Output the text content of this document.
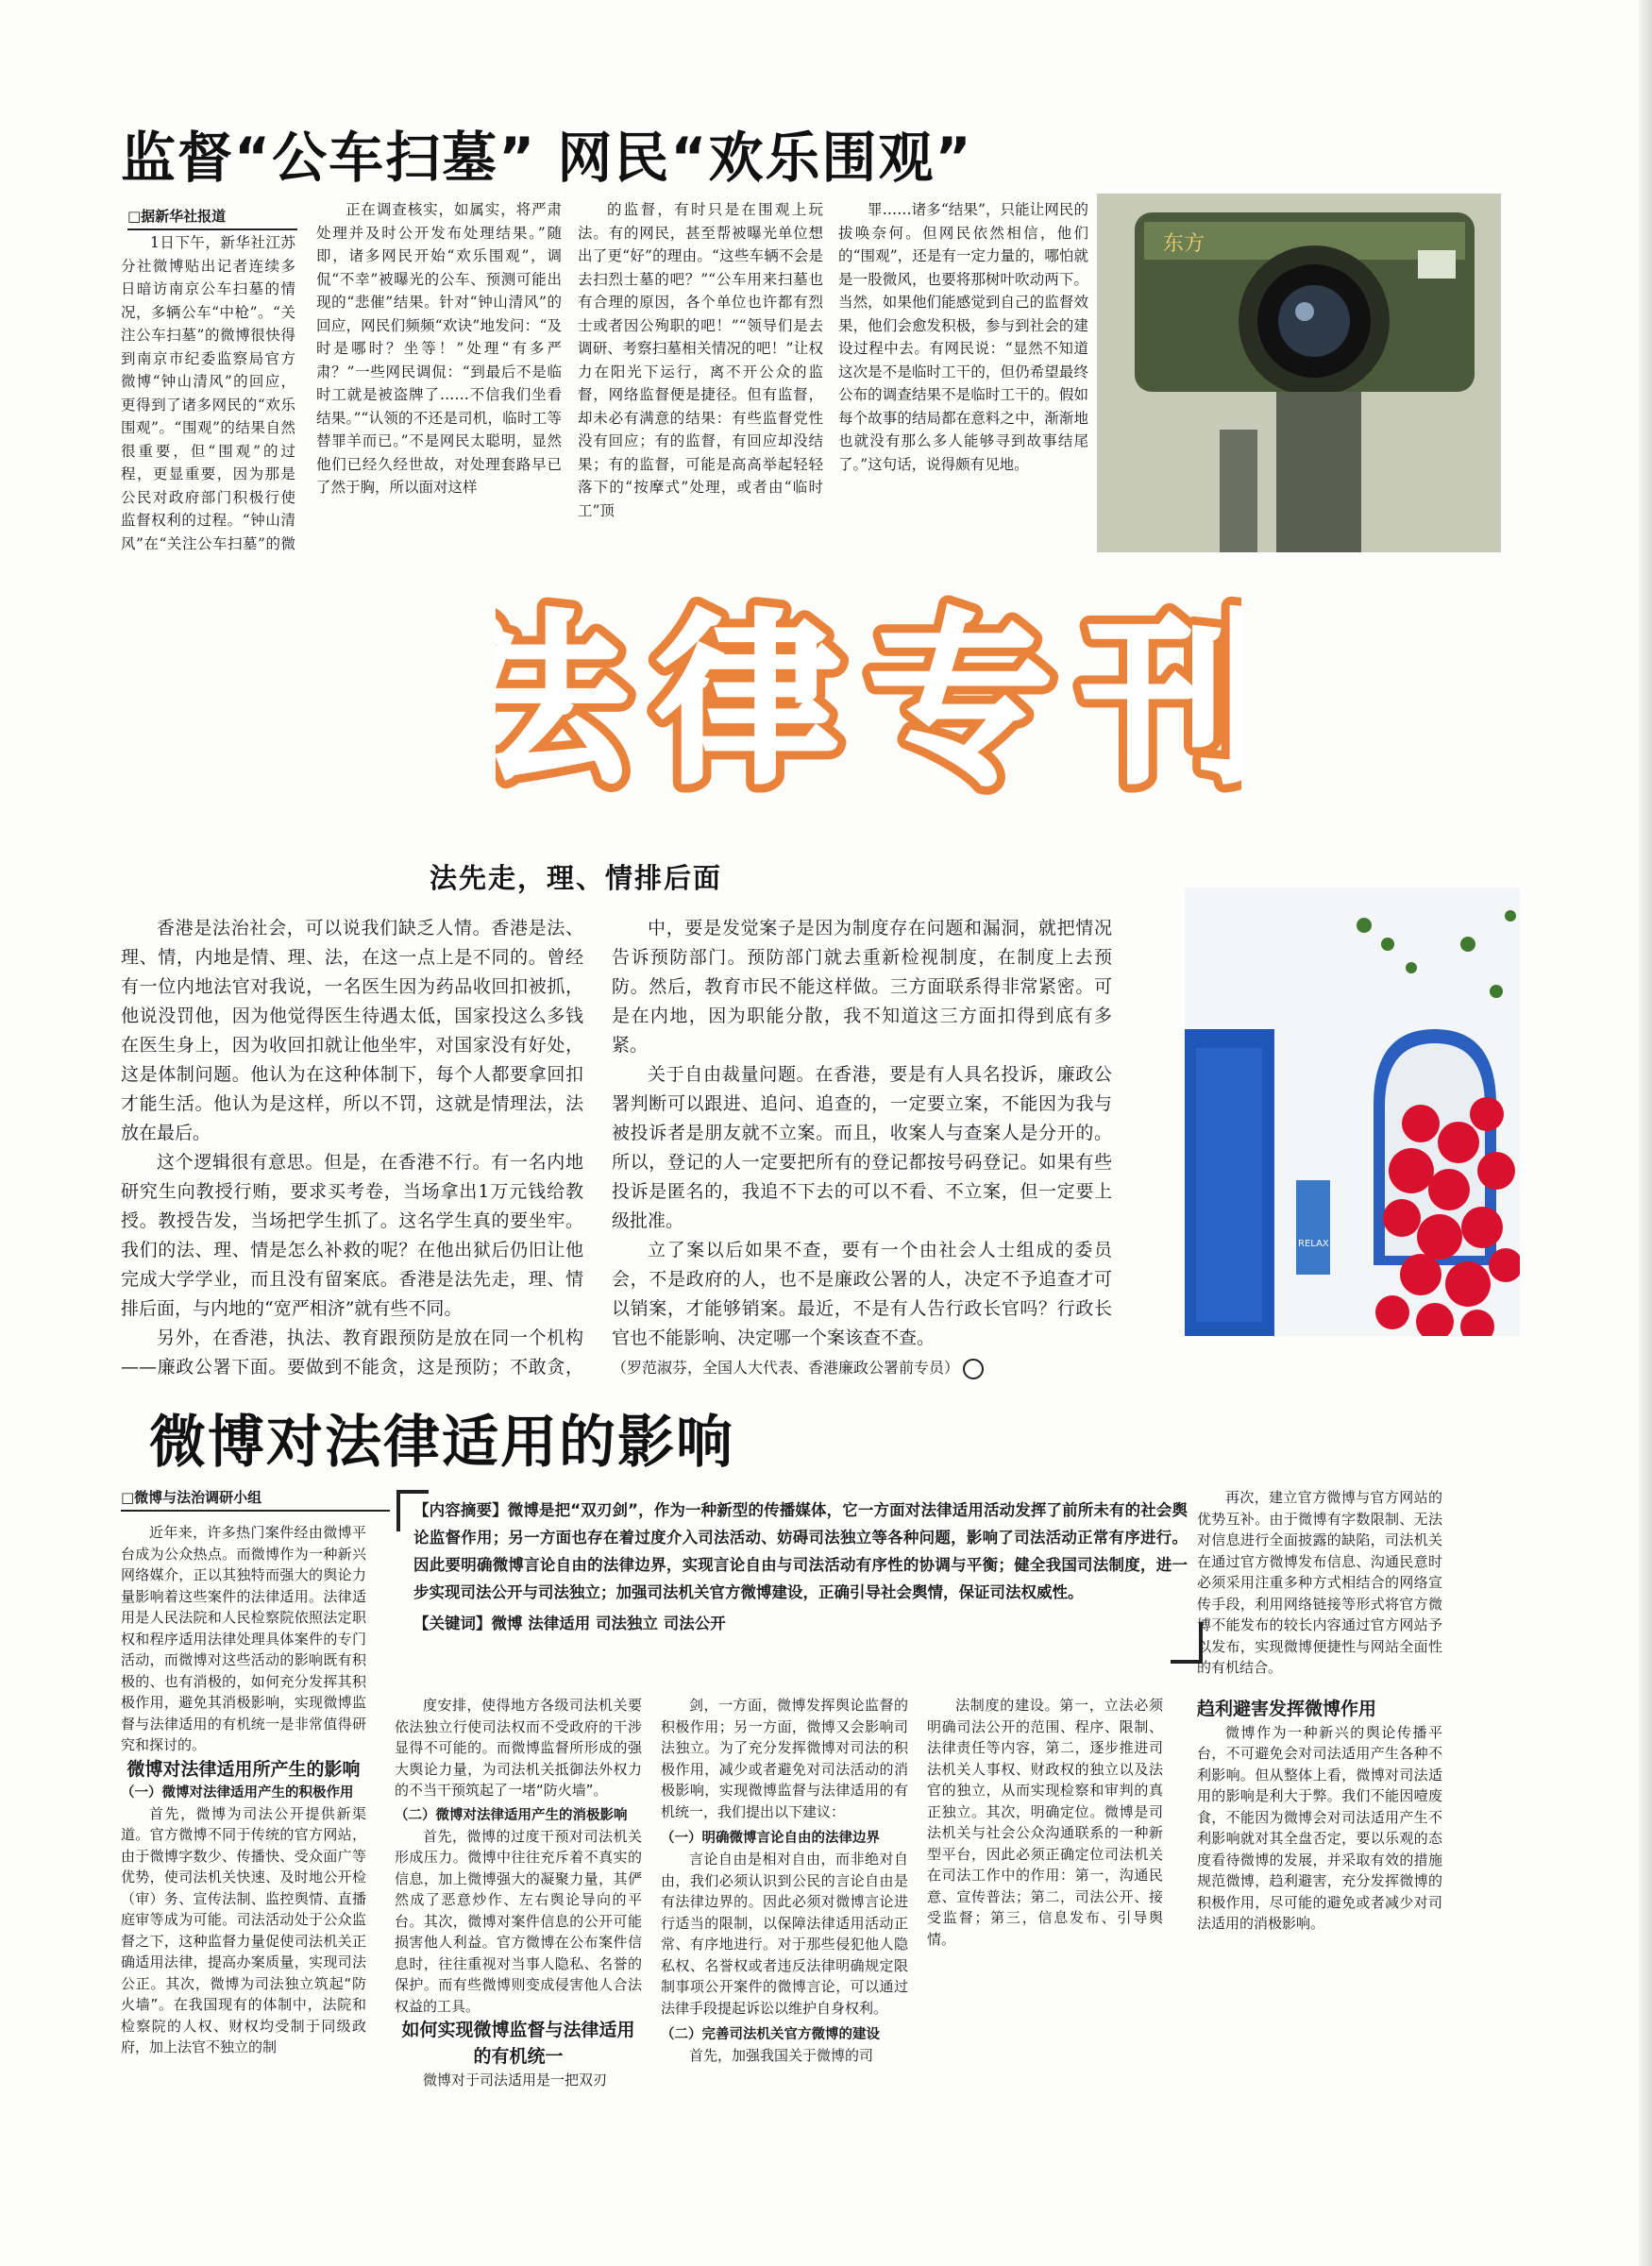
监督“公车扫墓” 网民“欢乐围观”
□据新华社报道

1日下午，新华社江苏分社微博贴出记者连续多日暗访南京公车扫墓的情况，多辆公车“中枪”。“关注公车扫墓”的微博很快得到南京市纪委监察局官方微博“钟山清风”的回应，更得到了诸多网民的“欢乐围观”。“围观”的结果自然很重要，但“围观”的过程，更显重要，因为那是公民对政府部门积极行使监督权利的过程。“钟山清风”在“关注公车扫墓”的微

正在调查核实，如属实，将严肃处理并及时公开发布处理结果。”随即，诸多网民开始“欢乐围观”，调侃“不幸”被曝光的公车、预测可能出现的“悲催”结果。针对“钟山清风”的回应，网民们频频“欢诀”地发问：“及时是哪时？坐等！”处理“有多严肃？”一些网民调侃：“到最后不是临时工就是被盗牌了……不信我们坐看结果。”“认领的不还是司机，临时工等替罪羊而已。”不是网民太聪明，显然他们已经久经世故，对处理套路早已了然于胸，所以面对这样

的监督，有时只是在围观上玩法。有的网民，甚至帮被曝光单位想出了更“好”的理由。“这些车辆不会是去扫烈士墓的吧？”“公车用来扫墓也有合理的原因，各个单位也许都有烈士或者因公殉职的吧！”“领导们是去调研、考察扫墓相关情况的吧！”让权力在阳光下运行，离不开公众的监督，网络监督便是捷径。但有监督，却未必有满意的结果：有些监督党性没有回应；有的监督，有回应却没结果；有的监督，可能是高高举起轻轻落下的“按摩式”处理，或者由“临时工”顶

罪……诸多“结果”，只能让网民的拔唤奈何。但网民依然相信，他们的“围观”，还是有一定力量的，哪怕就是一股微风，也要将那树叶吹动两下。当然，如果他们能感觉到自己的监督效果，他们会愈发积极，参与到社会的建设过程中去。有网民说：“显然不知道这次是不是临时工干的，但仍希望最终公布的调查结果不是临时工干的。假如每个故事的结局都在意料之中，渐渐地也就没有那么多人能够寻到故事结尾了。”这句话，说得颇有见地。

东方
法律专刊
法律专刊
法先走，理、情排后面

香港是法治社会，可以说我们缺乏人情。香港是法、理、情，内地是情、理、法，在这一点上是不同的。曾经有一位内地法官对我说，一名医生因为药品收回扣被抓，他说没罚他，因为他觉得医生待遇太低，国家投这么多钱在医生身上，因为收回扣就让他坐牢，对国家没有好处，这是体制问题。他认为在这种体制下，每个人都要拿回扣才能生活。他认为是这样，所以不罚，这就是情理法，法放在最后。

这个逻辑很有意思。但是，在香港不行。有一名内地研究生向教授行贿，要求买考卷，当场拿出1万元钱给教授。教授告发，当场把学生抓了。这名学生真的要坐牢。我们的法、理、情是怎么补救的呢？在他出狱后仍旧让他完成大学学业，而且没有留案底。香港是法先走，理、情排后面，与内地的“宽严相济”就有些不同。

另外，在香港，执法、教育跟预防是放在同一个机构——廉政公署下面。要做到不能贪，这是预防；不敢贪，

中，要是发觉案子是因为制度存在问题和漏洞，就把情况告诉预防部门。预防部门就去重新检视制度，在制度上去预防。然后，教育市民不能这样做。三方面联系得非常紧密。可是在内地，因为职能分散，我不知道这三方面扣得到底有多紧。

关于自由裁量问题。在香港，要是有人具名投诉，廉政公署判断可以跟进、追问、追查的，一定要立案，不能因为我与被投诉者是朋友就不立案。而且，收案人与查案人是分开的。所以，登记的人一定要把所有的登记都按号码登记。如果有些投诉是匿名的，我追不下去的可以不看、不立案，但一定要上级批准。

立了案以后如果不查，要有一个由社会人士组成的委员会，不是政府的人，也不是廉政公署的人，决定不予追查才可以销案，才能够销案。最近，不是有人告行政长官吗？行政长官也不能影响、决定哪一个案该查不查。

（罗范淑芬，全国人大代表、香港廉政公署前专员）

RELAX
微博对法律适用的影响
□微博与法治调研小组

【内容摘要】微博是把“双刃剑”，作为一种新型的传播媒体，它一方面对法律适用活动发挥了前所未有的社会舆论监督作用；另一方面也存在着过度介入司法活动、妨碍司法独立等各种问题，影响了司法活动正常有序进行。因此要明确微博言论自由的法律边界，实现言论自由与司法活动有序性的协调与平衡；健全我国司法制度，进一步实现司法公开与司法独立；加强司法机关官方微博建设，正确引导社会舆情，保证司法权威性。

【关键词】微博 法律适用 司法独立 司法公开

近年来，许多热门案件经由微博平台成为公众热点。而微博作为一种新兴网络媒介，正以其独特而强大的舆论力量影响着这些案件的法律适用。法律适用是人民法院和人民检察院依照法定职权和程序适用法律处理具体案件的专门活动，而微博对这些活动的影响既有积极的、也有消极的，如何充分发挥其积极作用，避免其消极影响，实现微博监督与法律适用的有机统一是非常值得研究和探讨的。

微博对法律适用所产生的影响

（一）微博对法律适用产生的积极作用

首先，微博为司法公开提供新渠道。官方微博不同于传统的官方网站，由于微博字数少、传播快、受众面广等优势，使司法机关快速、及时地公开检（审）务、宣传法制、监控舆情、直播庭审等成为可能。司法活动处于公众监督之下，这种监督力量促使司法机关正确适用法律，提高办案质量，实现司法公正。其次，微博为司法独立筑起“防火墙”。在我国现有的体制中，法院和检察院的人权、财权均受制于同级政府，加上法官不独立的制

度安排，使得地方各级司法机关要依法独立行使司法权而不受政府的干涉显得不可能的。而微博监督所形成的强大舆论力量，为司法机关抵御法外权力的不当干预筑起了一堵“防火墙”。

（二）微博对法律适用产生的消极影响

首先，微博的过度干预对司法机关形成压力。微博中往往充斥着不真实的信息，加上微博强大的凝聚力量，其俨然成了恶意炒作、左右舆论导向的平台。其次，微博对案件信息的公开可能损害他人利益。官方微博在公布案件信息时，往往重视对当事人隐私、名誉的保护。而有些微博则变成侵害他人合法权益的工具。

如何实现微博监督与法律适用的有机统一

微博对于司法适用是一把双刃

剑，一方面，微博发挥舆论监督的积极作用；另一方面，微博又会影响司法独立。为了充分发挥微博对司法的积极作用，减少或者避免对司法活动的消极影响，实现微博监督与法律适用的有机统一，我们提出以下建议：

（一）明确微博言论自由的法律边界

言论自由是相对自由，而非绝对自由，我们必须认识到公民的言论自由是有法律边界的。因此必须对微博言论进行适当的限制，以保障法律适用活动正常、有序地进行。对于那些侵犯他人隐私权、名誉权或者违反法律明确规定限制事项公开案件的微博言论，可以通过法律手段提起诉讼以维护自身权利。

（二）完善司法机关官方微博的建设

首先，加强我国关于微博的司

法制度的建设。第一，立法必须明确司法公开的范围、程序、限制、法律责任等内容，第二，逐步推进司法机关人事权、财政权的独立以及法官的独立，从而实现检察和审判的真正独立。其次，明确定位。微博是司法机关与社会公众沟通联系的一种新型平台，因此必须正确定位司法机关在司法工作中的作用：第一，沟通民意、宣传普法；第二，司法公开、接受监督；第三，信息发布、引导舆情。

再次，建立官方微博与官方网站的优势互补。由于微博有字数限制、无法对信息进行全面披露的缺陷，司法机关在通过官方微博发布信息、沟通民意时必须采用注重多种方式相结合的网络宣传手段，利用网络链接等形式将官方微博不能发布的较长内容通过官方网站予以发布，实现微博便捷性与网站全面性的有机结合。

趋利避害发挥微博作用

微博作为一种新兴的舆论传播平台，不可避免会对司法适用产生各种不利影响。但从整体上看，微博对司法适用的影响是利大于弊。我们不能因噎废食，不能因为微博会对司法适用产生不利影响就对其全盘否定，要以乐观的态度看待微博的发展，并采取有效的措施规范微博，趋利避害，充分发挥微博的积极作用，尽可能的避免或者减少对司法适用的消极影响。
